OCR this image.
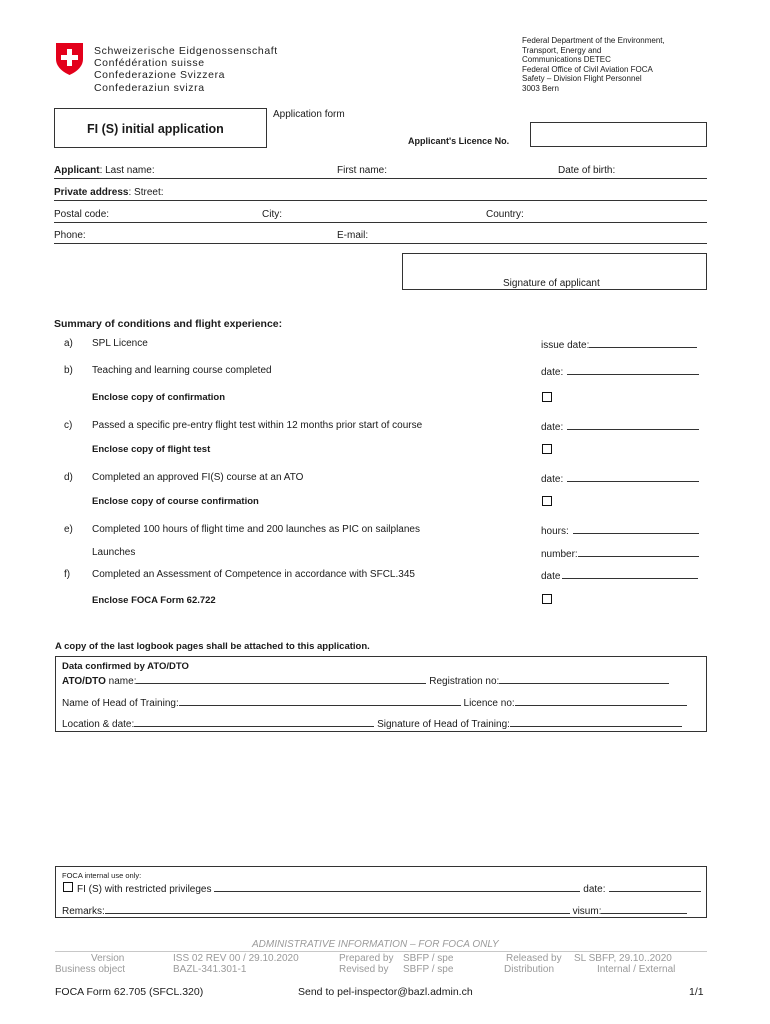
Schweizerische Eidgenossenschaft
Confédération suisse
Confederazione Svizzera
Confederaziun svizra
Federal Department of the Environment,
Transport, Energy and
Communications DETEC
Federal Office of Civil Aviation FOCA
Safety – Division Flight Personnel
3003 Bern
Application form
FI (S) initial application
Applicant's Licence No.
Applicant: Last name:	First name:	Date of birth:
Private address: Street:
Postal code:	City:	Country:
Phone:	E-mail:
Signature of applicant
Summary of conditions and flight experience:
a) SPL Licence	issue date:
b) Teaching and learning course completed	date:
Enclose copy of confirmation
c) Passed a specific pre-entry flight test within 12 months prior start of course	date:
Enclose copy of flight test
d) Completed an approved FI(S) course at an ATO	date:
Enclose copy of course confirmation
e) Completed 100 hours of flight time and 200 launches as PIC on sailplanes	hours:
Launches	number:
f) Completed an Assessment of Competence in accordance with SFCL.345	date
Enclose FOCA Form 62.722
A copy of the last logbook pages shall be attached to this application.
Data confirmed by ATO/DTO
ATO/DTO name:	Registration no:
Name of Head of Training:	Licence no:
Location & date:	Signature of Head of Training:
FOCA internal use only:
FI (S) with restricted privileges	date:
Remarks:	visum:
ADMINISTRATIVE INFORMATION – FOR FOCA ONLY
Version	ISS 02 REV 00 / 29.10.2020	Prepared by SBFP / spe	Released by SL SBFP, 29.10..2020
Business object	BAZL-341.301-1	Revised by SBFP / spe	Distribution	Internal / External
FOCA Form 62.705 (SFCL.320)	Send to pel-inspector@bazl.admin.ch	1/1
